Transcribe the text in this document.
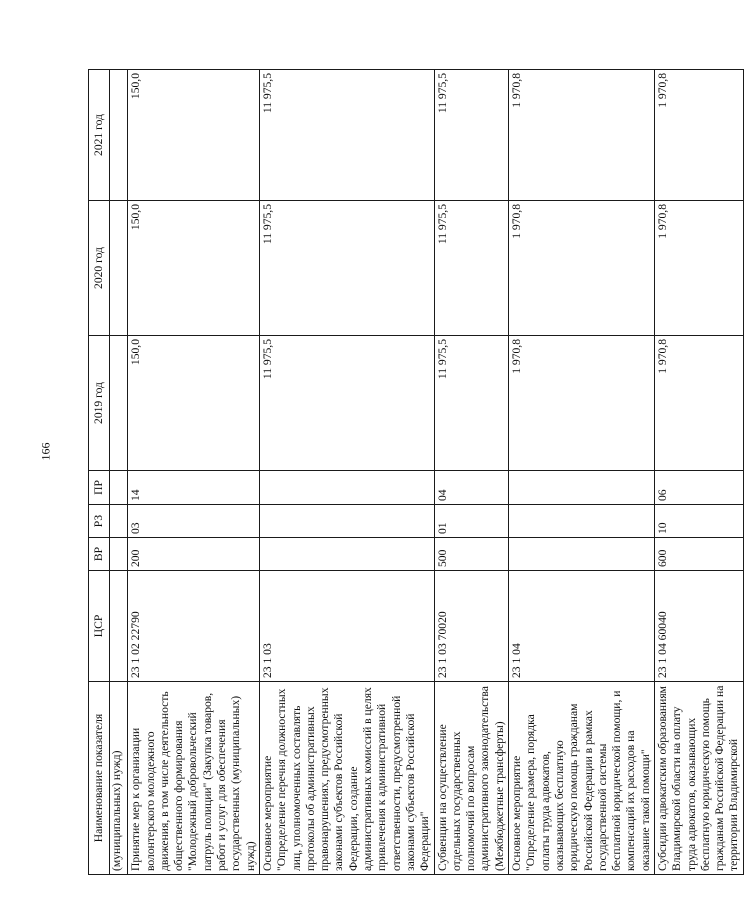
166
Наименование показателя	ЦСР	ВР	РЗ	ПР	2019 год	2020 год	2021 год
(муниципальных) нужд)							
Принятие мер к организации волонтерского молодежного движения, в том числе деятельность общественного формирования "Молодежный добровольческий патруль полиции" (Закупка товаров, работ и услуг для обеспечения государственных (муниципальных) нужд)	23 1 02 22790	200	03	14	150,0	150,0	150,0
Основное мероприятие "Определение перечня должностных лиц, уполномоченных составлять протоколы об административных правонарушениях, предусмотренных законами субъектов Российской Федерации, создание административных комиссий в целях привлечения к административной ответственности, предусмотренной законами субъектов Российской Федерации"	23 1 03				11 975,5	11 975,5	11 975,5
Субвенции на осуществление отдельных государственных полномочий по вопросам административного законодательства (Межбюджетные трансферты)	23 1 03 70020	500	01	04	11 975,5	11 975,5	11 975,5
Основное мероприятие "Определение размера, порядка оплаты труда адвокатов, оказывающих бесплатную юридическую помощь гражданам Российской Федерации в рамках государственной системы бесплатной юридической помощи, и компенсаций их расходов на оказание такой помощи"	23 1 04				1 970,8	1 970,8	1 970,8
Субсидии адвокатским образованиям Владимирской области на оплату труда адвокатов, оказывающих бесплатную юридическую помощь гражданам Российской Федерации на территории Владимирской	23 1 04 60040	600	10	06	1 970,8	1 970,8	1 970,8
